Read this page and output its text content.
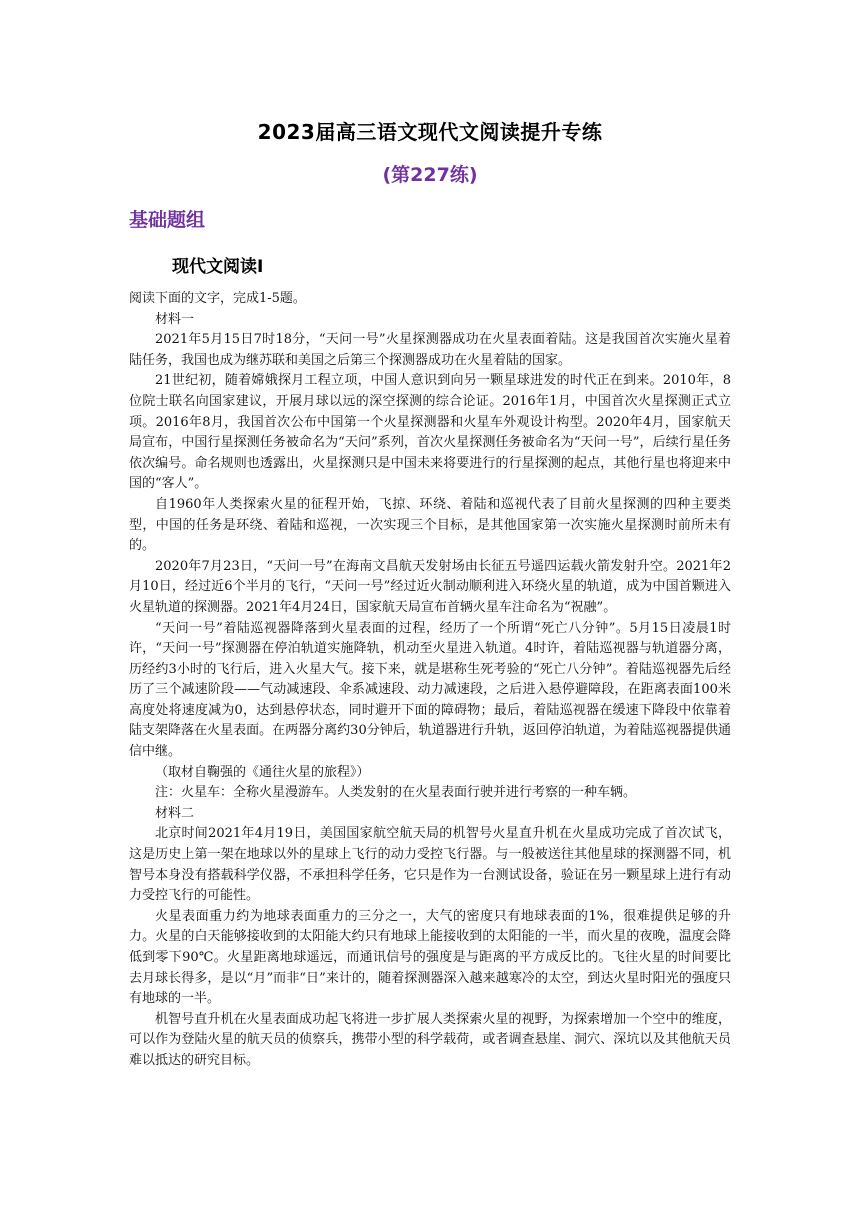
2023届高三语文现代文阅读提升专练
(第227练)
基础题组
现代文阅读Ⅰ

阅读下面的文字，完成1-5题。

材料一

2021年5月15日7时18分，“天问一号”火星探测器成功在火星表面着陆。这是我国首次实施火星着陆任务，我国也成为继苏联和美国之后第三个探测器成功在火星着陆的国家。

21世纪初，随着嫦娥探月工程立项，中国人意识到向另一颗星球进发的时代正在到来。2010年，8位院士联名向国家建议，开展月球以远的深空探测的综合论证。2016年1月，中国首次火星探测正式立项。2016年8月，我国首次公布中国第一个火星探测器和火星车外观设计构型。2020年4月，国家航天局宣布，中国行星探测任务被命名为“天问”系列，首次火星探测任务被命名为“天问一号”，后续行星任务依次编号。命名规则也透露出，火星探测只是中国未来将要进行的行星探测的起点，其他行星也将迎来中国的“客人”。

自1960年人类探索火星的征程开始，飞掠、环绕、着陆和巡视代表了目前火星探测的四种主要类型，中国的任务是环绕、着陆和巡视，一次实现三个目标，是其他国家第一次实施火星探测时前所未有的。

2020年7月23日，“天问一号”在海南文昌航天发射场由长征五号遥四运载火箭发射升空。2021年2月10日，经过近6个半月的飞行，“天问一号”经过近火制动顺利进入环绕火星的轨道，成为中国首颗进入火星轨道的探测器。2021年4月24日，国家航天局宣布首辆火星车注命名为“祝融”。

“天问一号”着陆巡视器降落到火星表面的过程，经历了一个所谓“死亡八分钟”。5月15日凌晨1时许，“天问一号”探测器在停泊轨道实施降轨，机动至火星进入轨道。4时许，着陆巡视器与轨道器分离，历经约3小时的飞行后，进入火星大气。接下来，就是堪称生死考验的“死亡八分钟”。着陆巡视器先后经历了三个减速阶段——气动减速段、伞系减速段、动力减速段，之后进入悬停避障段，在距离表面100米高度处将速度减为0，达到悬停状态，同时避开下面的障碍物；最后，着陆巡视器在缓速下降段中依靠着陆支架降落在火星表面。在两器分离约30分钟后，轨道器进行升轨，返回停泊轨道，为着陆巡视器提供通信中继。

（取材自鞠强的《通往火星的旅程》）

注：火星车：全称火星漫游车。人类发射的在火星表面行驶并进行考察的一种车辆。

材料二

北京时间2021年4月19日，美国国家航空航天局的机智号火星直升机在火星成功完成了首次试飞，这是历史上第一架在地球以外的星球上飞行的动力受控飞行器。与一般被送往其他星球的探测器不同，机智号本身没有搭载科学仪器，不承担科学任务，它只是作为一台测试设备，验证在另一颗星球上进行有动力受控飞行的可能性。

火星表面重力约为地球表面重力的三分之一，大气的密度只有地球表面的1%，很难提供足够的升力。火星的白天能够接收到的太阳能大约只有地球上能接收到的太阳能的一半，而火星的夜晚，温度会降低到零下90℃。火星距离地球遥远，而通讯信号的强度是与距离的平方成反比的。飞往火星的时间要比去月球长得多，是以“月”而非“日”来计的，随着探测器深入越来越寒冷的太空，到达火星时阳光的强度只有地球的一半。

机智号直升机在火星表面成功起飞将进一步扩展人类探索火星的视野，为探索增加一个空中的维度，可以作为登陆火星的航天员的侦察兵，携带小型的科学载荷，或者调查悬崖、洞穴、深坑以及其他航天员难以抵达的研究目标。
